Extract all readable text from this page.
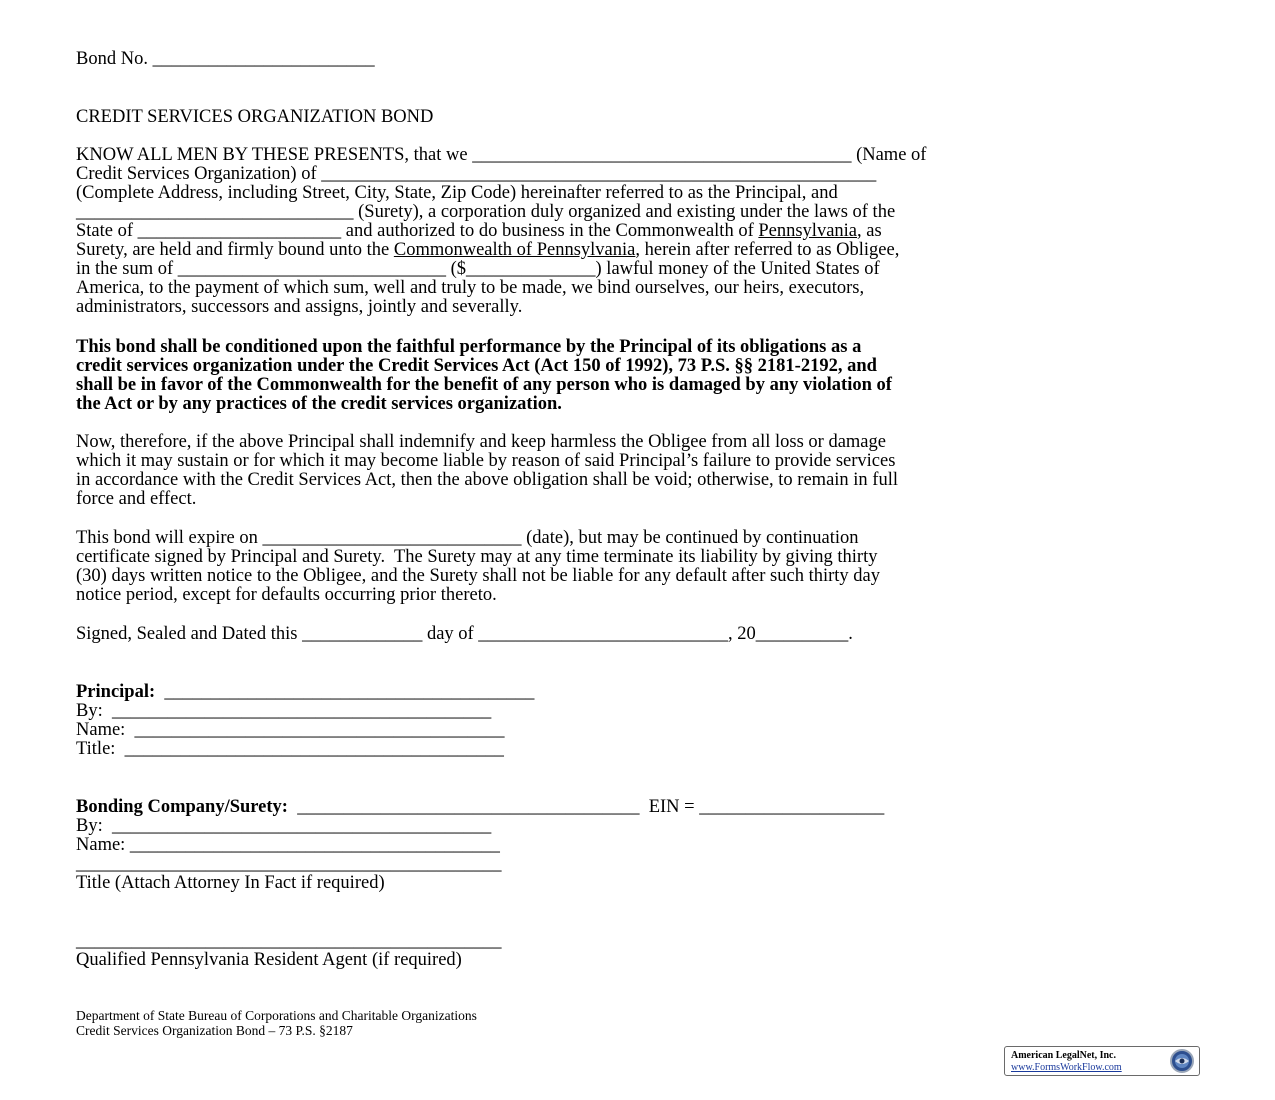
Bond No. ________________________
CREDIT SERVICES ORGANIZATION BOND
KNOW ALL MEN BY THESE PRESENTS, that we _________________________________________ (Name of
Credit Services Organization) of ____________________________________________________________
(Complete Address, including Street, City, State, Zip Code) hereinafter referred to as the Principal, and
______________________________ (Surety), a corporation duly organized and existing under the laws of the
State of ______________________ and authorized to do business in the Commonwealth of Pennsylvania, as
Surety, are held and firmly bound unto the Commonwealth of Pennsylvania, herein after referred to as Obligee,
in the sum of _____________________________ ($______________) lawful money of the United States of
America, to the payment of which sum, well and truly to be made, we bind ourselves, our heirs, executors,
administrators, successors and assigns, jointly and severally.
This bond shall be conditioned upon the faithful performance by the Principal of its obligations as a
credit services organization under the Credit Services Act (Act 150 of 1992), 73 P.S. §§ 2181-2192, and
shall be in favor of the Commonwealth for the benefit of any person who is damaged by any violation of
the Act or by any practices of the credit services organization.
Now, therefore, if the above Principal shall indemnify and keep harmless the Obligee from all loss or damage
which it may sustain or for which it may become liable by reason of said Principal’s failure to provide services
in accordance with the Credit Services Act, then the above obligation shall be void; otherwise, to remain in full
force and effect.
This bond will expire on ____________________________ (date), but may be continued by continuation
certificate signed by Principal and Surety.  The Surety may at any time terminate its liability by giving thirty
(30) days written notice to the Obligee, and the Surety shall not be liable for any default after such thirty day
notice period, except for defaults occurring prior thereto.
Signed, Sealed and Dated this _____________ day of ___________________________, 20__________.
Principal:  ________________________________________
By:  _________________________________________
Name:  ________________________________________
Title:  _________________________________________
Bonding Company/Surety:  _____________________________________  EIN = ____________________
By:  _________________________________________
Name: ________________________________________
______________________________________________
Title (Attach Attorney In Fact if required)
______________________________________________
Qualified Pennsylvania Resident Agent (if required)
Department of State Bureau of Corporations and Charitable Organizations
Credit Services Organization Bond – 73 P.S. §2187
American LegalNet, Inc.
www.FormsWorkFlow.com
